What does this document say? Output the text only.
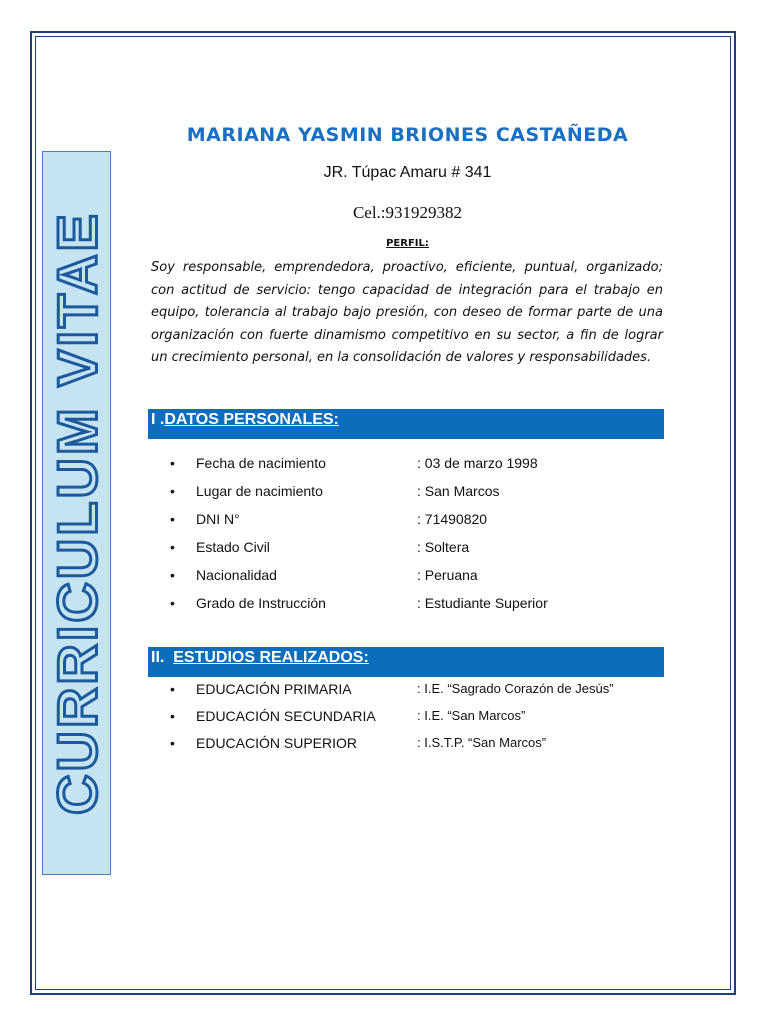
CURRICULUM VITAE
MARIANA YASMIN BRIONES CASTAÑEDA
JR. Túpac Amaru # 341
Cel.:931929382
PERFIL:
Soy responsable, emprendedora, proactivo, eficiente, puntual, organizado; con actitud de servicio: tengo capacidad de integración para el trabajo en equipo, tolerancia al trabajo bajo presión, con deseo de formar parte de una organización con fuerte dinamismo competitivo en su sector, a fin de lograr un crecimiento personal, en la consolidación de valores y responsabilidades.
I .DATOS PERSONALES:
• Fecha de nacimiento	: 03 de marzo 1998
• Lugar de nacimiento	: San Marcos
• DNI N°	: 71490820
• Estado Civil	: Soltera
• Nacionalidad	: Peruana
• Grado de Instrucción	: Estudiante Superior
II. ESTUDIOS REALIZADOS:
• EDUCACIÓN PRIMARIA	: I.E. “Sagrado Corazón de Jesús”
• EDUCACIÓN SECUNDARIA	: I.E. “San Marcos”
• EDUCACIÓN SUPERIOR	: I.S.T.P. “San Marcos”
